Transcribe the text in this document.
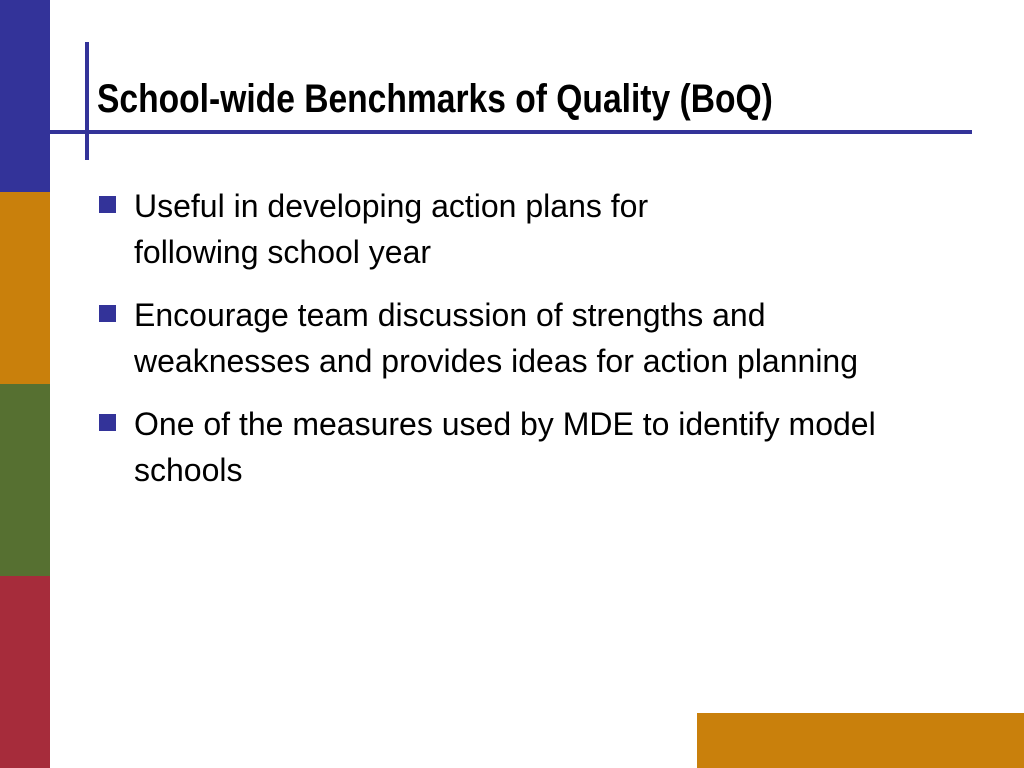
School-wide Benchmarks of Quality (BoQ)
Useful in developing action plans for
following school year
Encourage team discussion of strengths and weaknesses and provides ideas for action planning
One of the measures used by MDE to identify model schools
